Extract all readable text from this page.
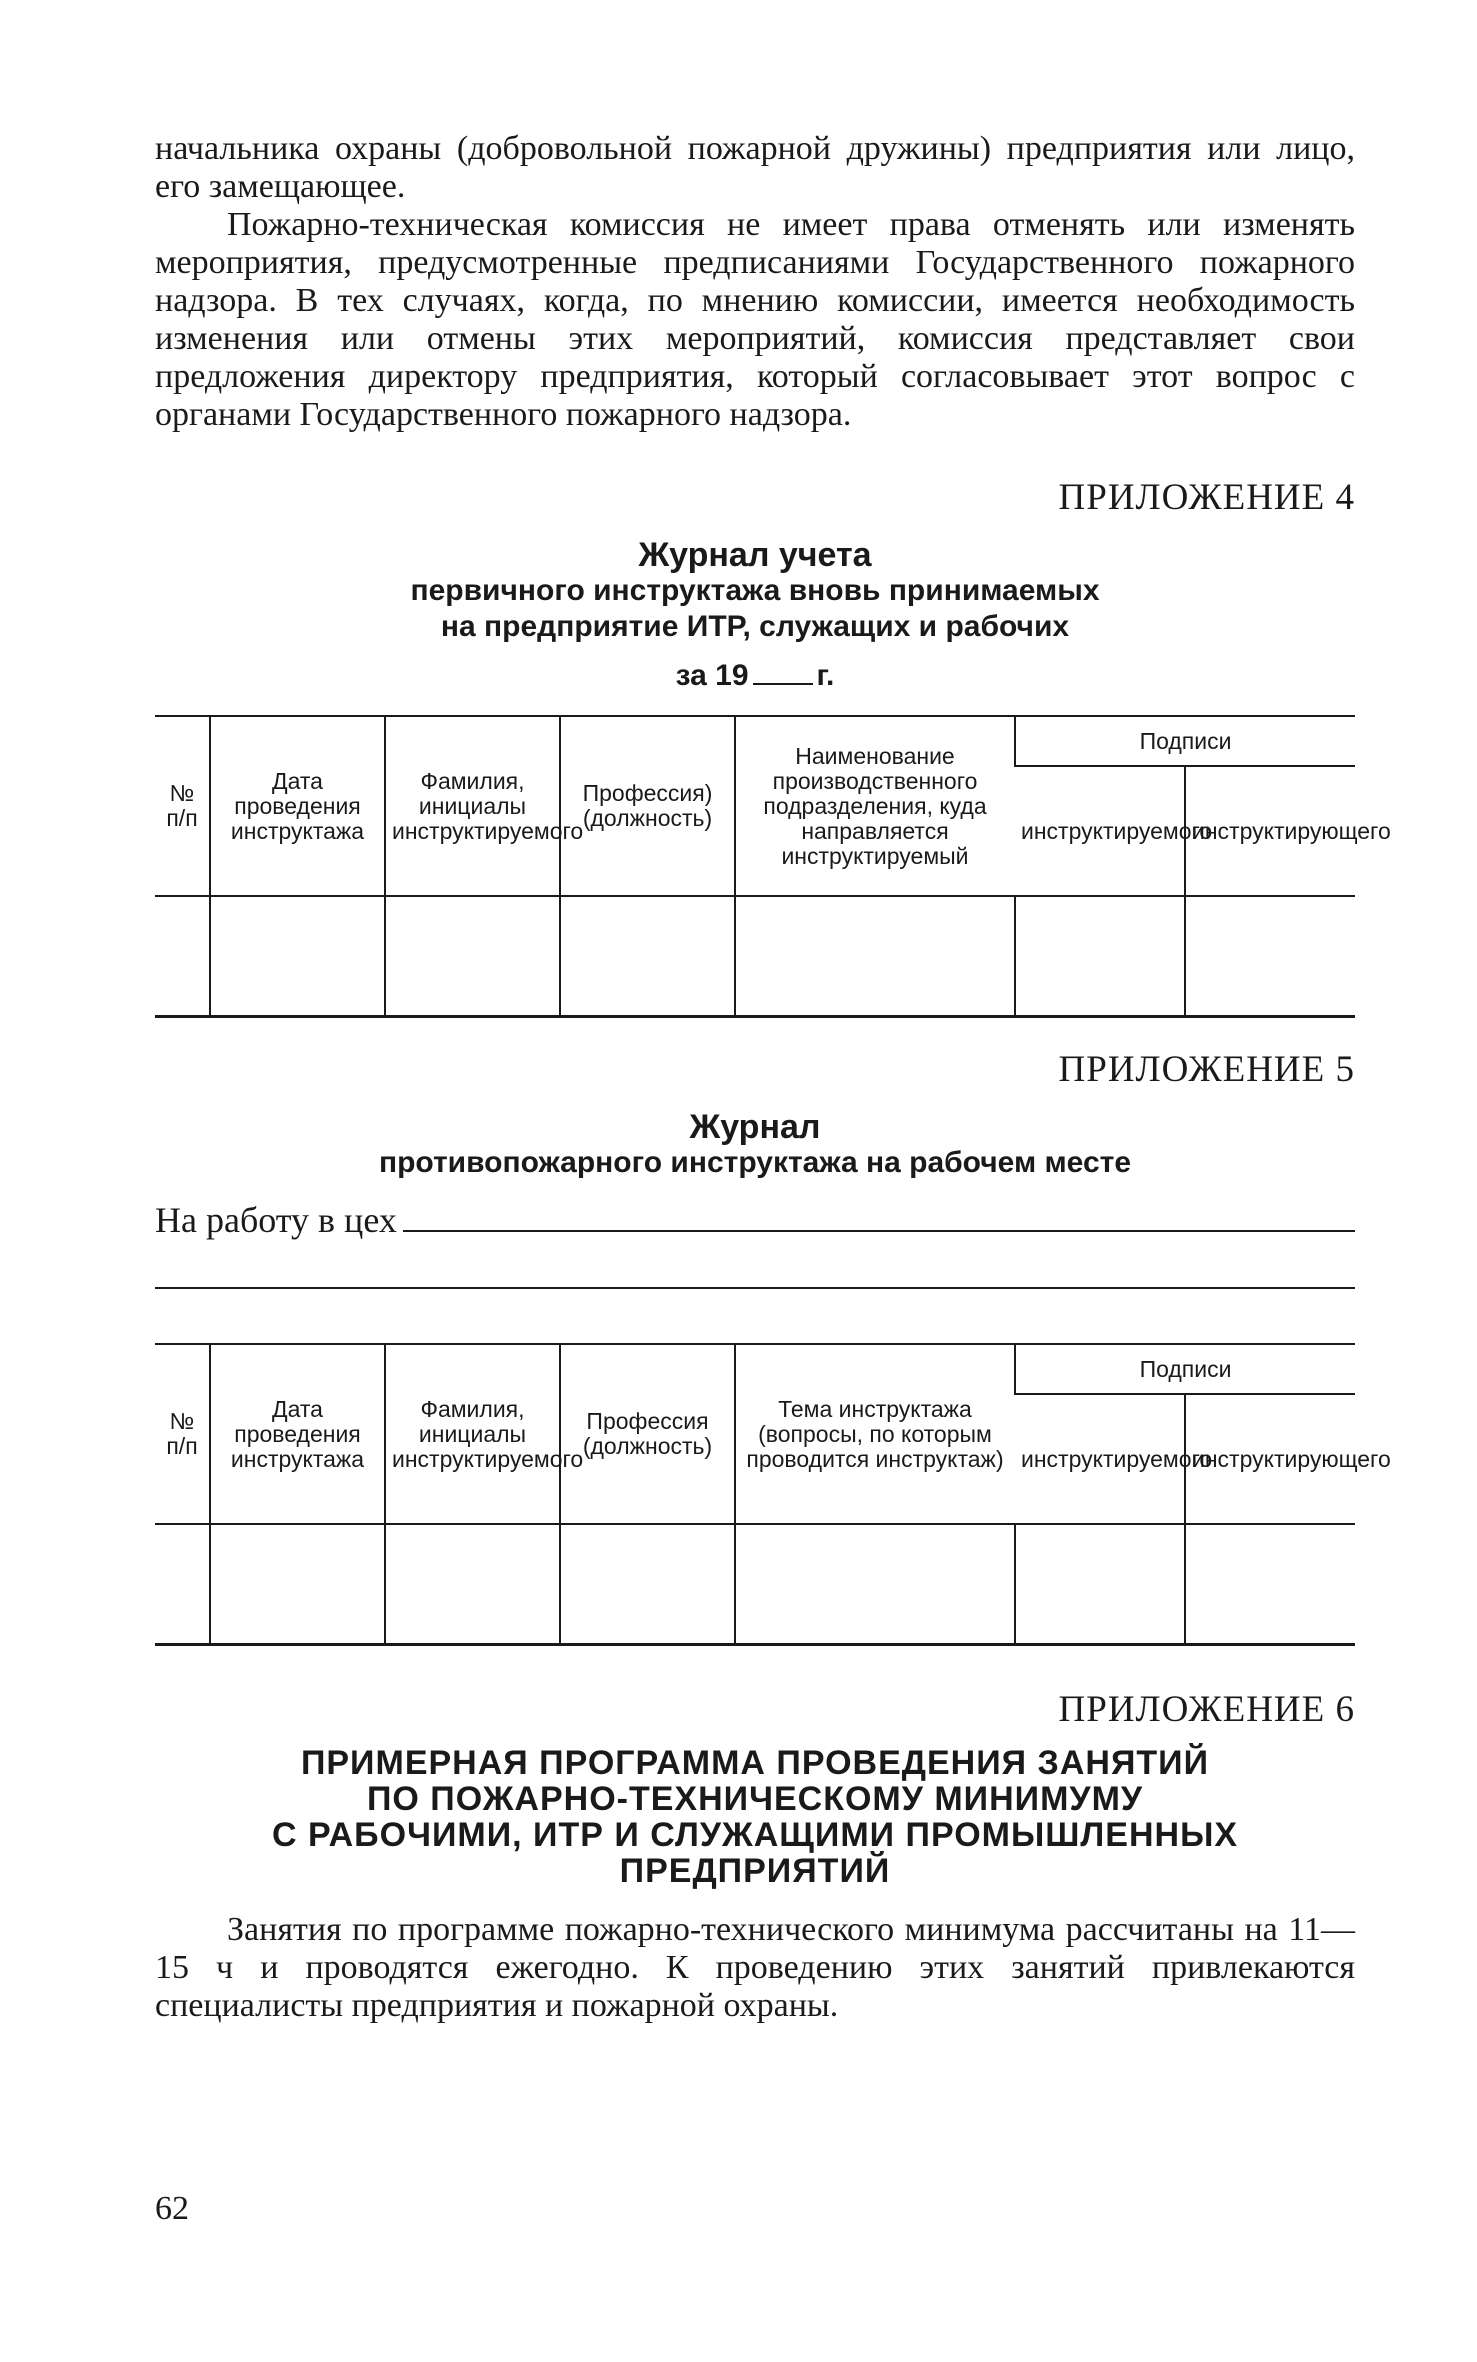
начальника охраны (добровольной пожарной дружины) предприятия или лицо, его замещающее.

Пожарно-техническая комиссия не имеет права отменять или изменять мероприятия, предусмотренные предписаниями Государственного пожарного надзора. В тех случаях, когда, по мнению комиссии, имеется необходимость изменения или отмены этих мероприятий, комиссия представляет свои предложения директору предприятия, который согласовывает этот вопрос с органами Государственного пожарного надзора.

ПРИЛОЖЕНИЕ 4

Журнал учета

первичного инструктажа вновь принимаемых

на предприятие ИТР, служащих и рабочих

за 19 г.
№ п/п	Дата проведения инструктажа	Фамилия, инициалы инструктируемого	Профессия) (должность)	Наименование производственного подразделения, куда направляется инструктируемый	Подписи	
					инструктируемого	инструктирующего

ПРИЛОЖЕНИЕ 5

Журнал

противопожарного инструктажа на рабочем месте

На работу в цех
№ п/п	Дата проведения инструктажа	Фамилия, инициалы инструктируемого	Профессия (должность)	Тема инструктажа (вопросы, по которым проводится инструктаж)	Подписи	
					инструктируемого	инструктирующего

ПРИЛОЖЕНИЕ 6

ПРИМЕРНАЯ ПРОГРАММА ПРОВЕДЕНИЯ ЗАНЯТИЙ

ПО ПОЖАРНО-ТЕХНИЧЕСКОМУ МИНИМУМУ

С РАБОЧИМИ, ИТР И СЛУЖАЩИМИ ПРОМЫШЛЕННЫХ

ПРЕДПРИЯТИЙ

Занятия по программе пожарно-технического минимума рассчитаны на 11—15 ч и проводятся ежегодно. К проведению этих занятий привлекаются специалисты предприятия и пожарной охраны.

62
